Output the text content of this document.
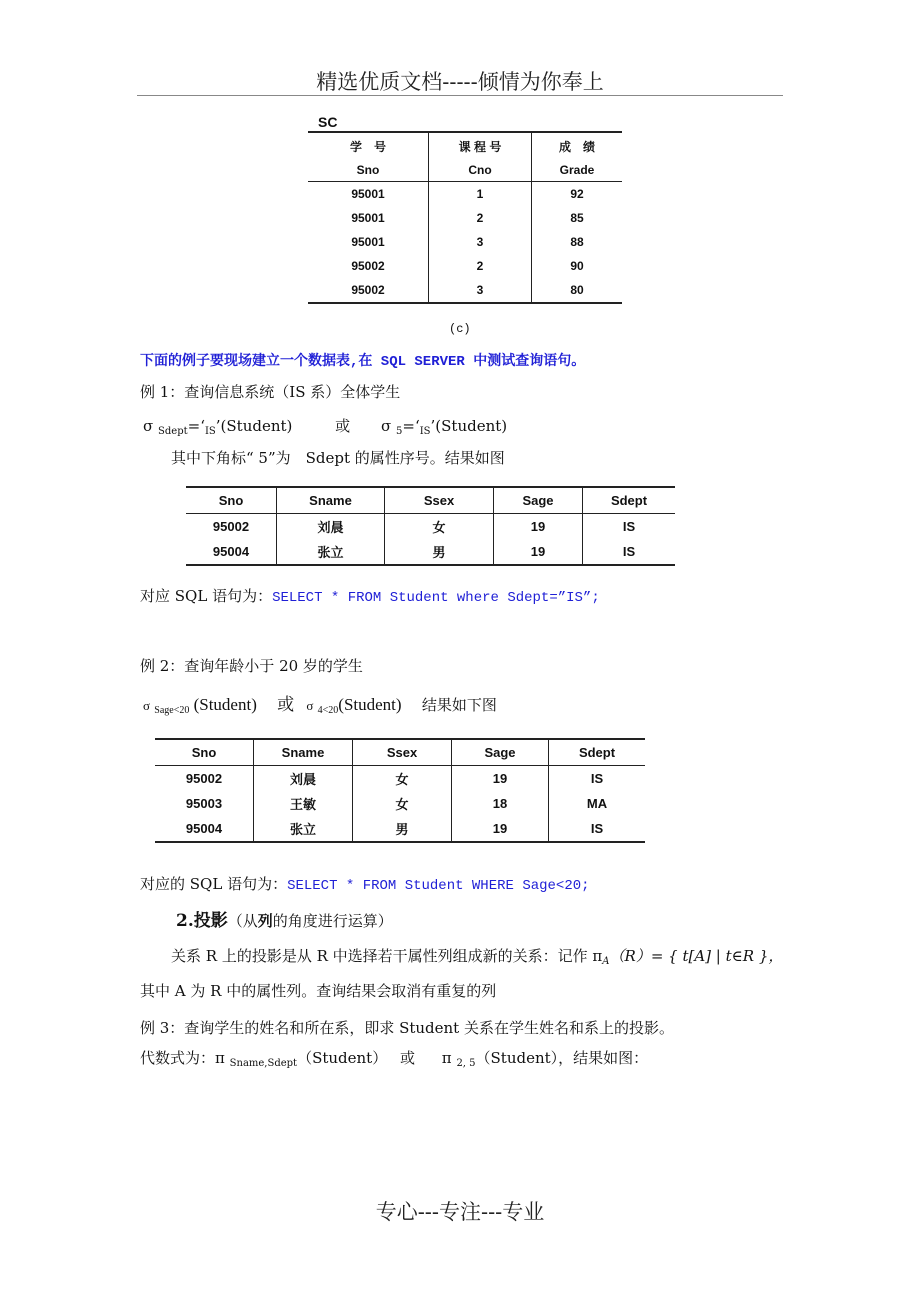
精选优质文档-----倾情为你奉上
SC
学　号	课 程 号	成　绩
Sno	Cno	Grade
95001	1	92
95001	2	85
95001	3	88
95002	2	90
95002	3	80
(c)
下面的例子要现场建立一个数据表,在 SQL SERVER 中测试查询语句。
例 1：查询信息系统（IS 系）全体学生
σ $_{Sdept}=‘_{IS}’(Student)$	或 σ $_5=‘_{IS}’(Student)$
其中下角标“ 5”为　Sdept 的属性序号。结果如图
Sno	Sname	Ssex	Sage	Sdept
95002	刘晨	女	19	IS
95004	张立	男	19	IS
对应 SQL 语句为：SELECT * FROM Student where Sdept=”IS”;
例 2：查询年龄小于 20 岁的学生
σ $_{Sage<20}$ (Student) 或 σ $_{4<20}$(Student) 结果如下图
Sno	Sname	Ssex	Sage	Sdept
95002	刘晨	女	19	IS
95003	王敏	女	18	MA
95004	张立	男	19	IS
对应的 SQL 语句为：SELECT * FROM Student WHERE Sage<20;
2.投影（从列的角度进行运算）
关系 R 上的投影是从 R 中选择若干属性列组成新的关系：记作 $\pi_A(R)=$ { t[A] | t∈R }，
其中 A 为 R 中的属性列。查询结果会取消有重复的列
例 3：查询学生的姓名和所在系，即求 Student 关系在学生姓名和系上的投影。
代数式为：π $_{Sname,Sdept}$（Student） 或 π $_{2, 5}$（Student），结果如图：
专心---专注---专业
